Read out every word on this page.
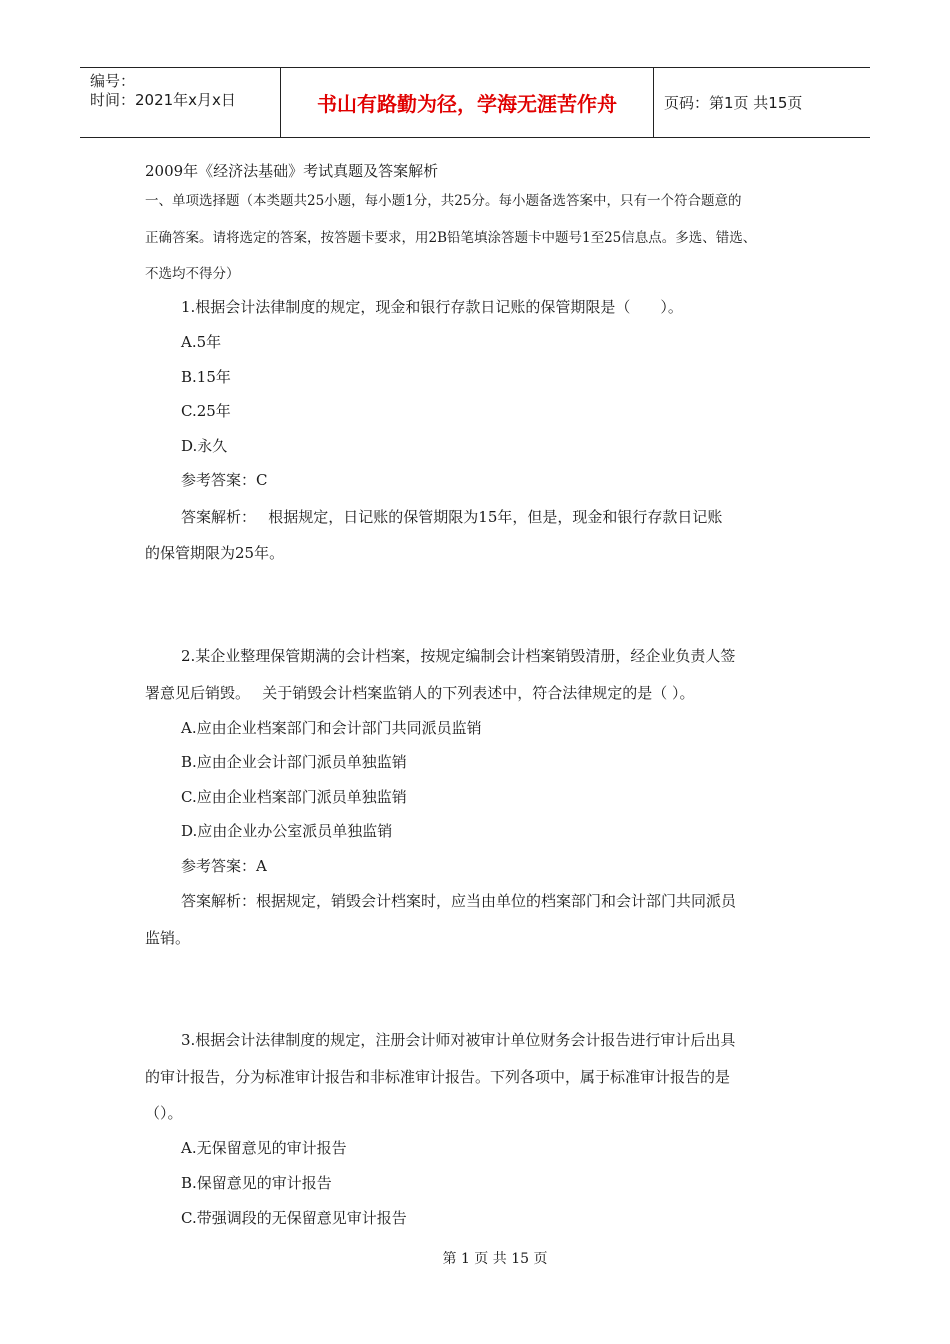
编号：
时间：2021年x月x日	书山有路勤为径，学海无涯苦作舟	页码：第1页 共15页
2009年《经济法基础》考试真题及答案解析
一、单项选择题（本类题共25小题，每小题1分，共25分。每小题备选答案中，只有一个符合题意的
正确答案。请将选定的答案，按答题卡要求，用2B铅笔填涂答题卡中题号1至25信息点。多选、错选、
不选均不得分）
1.根据会计法律制度的规定，现金和银行存款日记账的保管期限是（　　）。
A.5年
B.15年
C.25年
D.永久
参考答案：C
答案解析：　 根据规定，日记账的保管期限为15年，但是，现金和银行存款日记账
的保管期限为25年。
2.某企业整理保管期满的会计档案，按规定编制会计档案销毁清册，经企业负责人签
署意见后销毁。　 关于销毁会计档案监销人的下列表述中，符合法律规定的是（ ）。
A.应由企业档案部门和会计部门共同派员监销
B.应由企业会计部门派员单独监销
C.应由企业档案部门派员单独监销
D.应由企业办公室派员单独监销
参考答案：A
答案解析：根据规定，销毁会计档案时，应当由单位的档案部门和会计部门共同派员
监销。
3.根据会计法律制度的规定，注册会计师对被审计单位财务会计报告进行审计后出具
的审计报告，分为标准审计报告和非标准审计报告。下列各项中，属于标准审计报告的是
（）。
A.无保留意见的审计报告
B.保留意见的审计报告
C.带强调段的无保留意见审计报告
第 1 页 共 15 页
